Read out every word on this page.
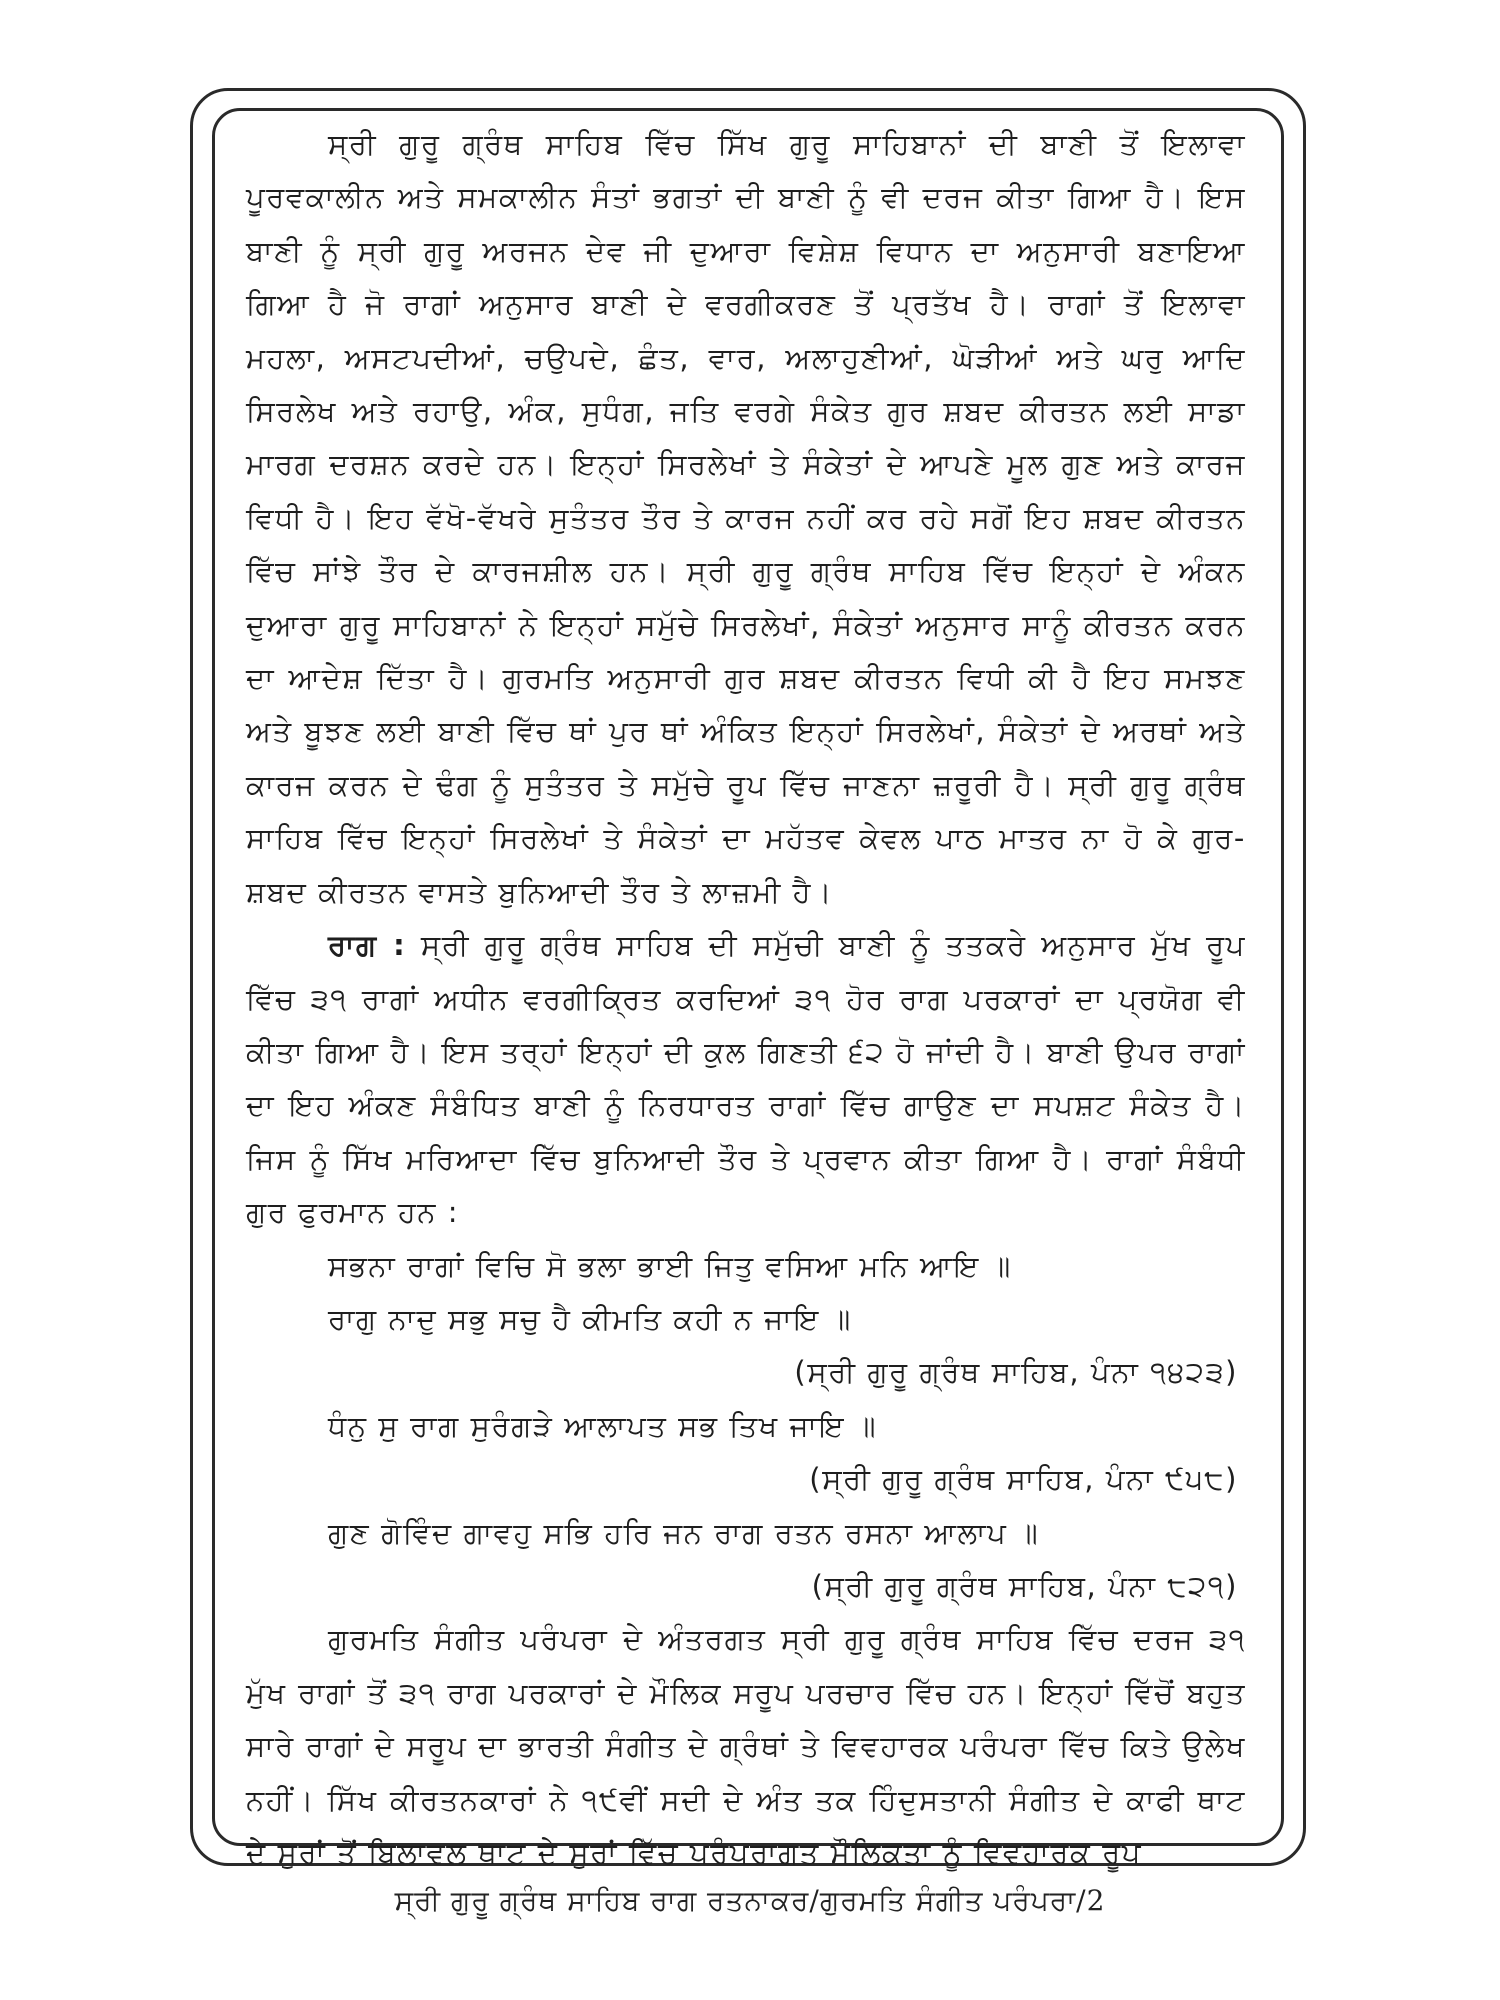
ਸ੍ਰੀ ਗੁਰੂ ਗ੍ਰੰਥ ਸਾਹਿਬ ਵਿੱਚ ਸਿੱਖ ਗੁਰੂ ਸਾਹਿਬਾਨਾਂ ਦੀ ਬਾਣੀ ਤੋਂ ਇਲਾਵਾ ਪੂਰਵਕਾਲੀਨ ਅਤੇ ਸਮਕਾਲੀਨ ਸੰਤਾਂ ਭਗਤਾਂ ਦੀ ਬਾਣੀ ਨੂੰ ਵੀ ਦਰਜ ਕੀਤਾ ਗਿਆ ਹੈ। ਇਸ ਬਾਣੀ ਨੂੰ ਸ੍ਰੀ ਗੁਰੂ ਅਰਜਨ ਦੇਵ ਜੀ ਦੁਆਰਾ ਵਿਸ਼ੇਸ਼ ਵਿਧਾਨ ਦਾ ਅਨੁਸਾਰੀ ਬਣਾਇਆ ਗਿਆ ਹੈ ਜੋ ਰਾਗਾਂ ਅਨੁਸਾਰ ਬਾਣੀ ਦੇ ਵਰਗੀਕਰਣ ਤੋਂ ਪ੍ਰਤੱਖ ਹੈ। ਰਾਗਾਂ ਤੋਂ ਇਲਾਵਾ ਮਹਲਾ, ਅਸਟਪਦੀਆਂ, ਚਉਪਦੇ, ਛੰਤ, ਵਾਰ, ਅਲਾਹੁਣੀਆਂ, ਘੋੜੀਆਂ ਅਤੇ ਘਰੁ ਆਦਿ ਸਿਰਲੇਖ ਅਤੇ ਰਹਾਉ, ਅੰਕ, ਸੁਧੰਗ, ਜਤਿ ਵਰਗੇ ਸੰਕੇਤ ਗੁਰ ਸ਼ਬਦ ਕੀਰਤਨ ਲਈ ਸਾਡਾ ਮਾਰਗ ਦਰਸ਼ਨ ਕਰਦੇ ਹਨ। ਇਨ੍ਹਾਂ ਸਿਰਲੇਖਾਂ ਤੇ ਸੰਕੇਤਾਂ ਦੇ ਆਪਣੇ ਮੂਲ ਗੁਣ ਅਤੇ ਕਾਰਜ ਵਿਧੀ ਹੈ। ਇਹ ਵੱਖੋ-ਵੱਖਰੇ ਸੁਤੰਤਰ ਤੌਰ ਤੇ ਕਾਰਜ ਨਹੀਂ ਕਰ ਰਹੇ ਸਗੋਂ ਇਹ ਸ਼ਬਦ ਕੀਰਤਨ ਵਿੱਚ ਸਾਂਝੇ ਤੌਰ ਦੇ ਕਾਰਜਸ਼ੀਲ ਹਨ। ਸ੍ਰੀ ਗੁਰੂ ਗ੍ਰੰਥ ਸਾਹਿਬ ਵਿੱਚ ਇਨ੍ਹਾਂ ਦੇ ਅੰਕਨ ਦੁਆਰਾ ਗੁਰੂ ਸਾਹਿਬਾਨਾਂ ਨੇ ਇਨ੍ਹਾਂ ਸਮੁੱਚੇ ਸਿਰਲੇਖਾਂ, ਸੰਕੇਤਾਂ ਅਨੁਸਾਰ ਸਾਨੂੰ ਕੀਰਤਨ ਕਰਨ ਦਾ ਆਦੇਸ਼ ਦਿੱਤਾ ਹੈ। ਗੁਰਮਤਿ ਅਨੁਸਾਰੀ ਗੁਰ ਸ਼ਬਦ ਕੀਰਤਨ ਵਿਧੀ ਕੀ ਹੈ ਇਹ ਸਮਝਣ ਅਤੇ ਬੂਝਣ ਲਈ ਬਾਣੀ ਵਿੱਚ ਥਾਂ ਪੁਰ ਥਾਂ ਅੰਕਿਤ ਇਨ੍ਹਾਂ ਸਿਰਲੇਖਾਂ, ਸੰਕੇਤਾਂ ਦੇ ਅਰਥਾਂ ਅਤੇ ਕਾਰਜ ਕਰਨ ਦੇ ਢੰਗ ਨੂੰ ਸੁਤੰਤਰ ਤੇ ਸਮੁੱਚੇ ਰੂਪ ਵਿੱਚ ਜਾਣਨਾ ਜ਼ਰੂਰੀ ਹੈ। ਸ੍ਰੀ ਗੁਰੂ ਗ੍ਰੰਥ ਸਾਹਿਬ ਵਿੱਚ ਇਨ੍ਹਾਂ ਸਿਰਲੇਖਾਂ ਤੇ ਸੰਕੇਤਾਂ ਦਾ ਮਹੱਤਵ ਕੇਵਲ ਪਾਠ ਮਾਤਰ ਨਾ ਹੋ ਕੇ ਗੁਰ-ਸ਼ਬਦ ਕੀਰਤਨ ਵਾਸਤੇ ਬੁਨਿਆਦੀ ਤੌਰ ਤੇ ਲਾਜ਼ਮੀ ਹੈ।

ਰਾਗ : ਸ੍ਰੀ ਗੁਰੂ ਗ੍ਰੰਥ ਸਾਹਿਬ ਦੀ ਸਮੁੱਚੀ ਬਾਣੀ ਨੂੰ ਤਤਕਰੇ ਅਨੁਸਾਰ ਮੁੱਖ ਰੂਪ ਵਿੱਚ ੩੧ ਰਾਗਾਂ ਅਧੀਨ ਵਰਗੀਕ੍ਰਿਤ ਕਰਦਿਆਂ ੩੧ ਹੋਰ ਰਾਗ ਪਰਕਾਰਾਂ ਦਾ ਪ੍ਰਯੋਗ ਵੀ ਕੀਤਾ ਗਿਆ ਹੈ। ਇਸ ਤਰ੍ਹਾਂ ਇਨ੍ਹਾਂ ਦੀ ਕੁਲ ਗਿਣਤੀ ੬੨ ਹੋ ਜਾਂਦੀ ਹੈ। ਬਾਣੀ ਉਪਰ ਰਾਗਾਂ ਦਾ ਇਹ ਅੰਕਣ ਸੰਬੰਧਿਤ ਬਾਣੀ ਨੂੰ ਨਿਰਧਾਰਤ ਰਾਗਾਂ ਵਿੱਚ ਗਾਉਣ ਦਾ ਸਪਸ਼ਟ ਸੰਕੇਤ ਹੈ। ਜਿਸ ਨੂੰ ਸਿੱਖ ਮਰਿਆਦਾ ਵਿੱਚ ਬੁਨਿਆਦੀ ਤੌਰ ਤੇ ਪ੍ਰਵਾਨ ਕੀਤਾ ਗਿਆ ਹੈ। ਰਾਗਾਂ ਸੰਬੰਧੀ ਗੁਰ ਫੁਰਮਾਨ ਹਨ :

ਸਭਨਾ ਰਾਗਾਂ ਵਿਚਿ ਸੋ ਭਲਾ ਭਾਈ ਜਿਤੁ ਵਸਿਆ ਮਨਿ ਆਇ ॥

ਰਾਗੁ ਨਾਦੁ ਸਭੁ ਸਚੁ ਹੈ ਕੀਮਤਿ ਕਹੀ ਨ ਜਾਇ ॥

(ਸ੍ਰੀ ਗੁਰੂ ਗ੍ਰੰਥ ਸਾਹਿਬ, ਪੰਨਾ ੧੪੨੩)

ਧੰਨੁ ਸੁ ਰਾਗ ਸੁਰੰਗੜੇ ਆਲਾਪਤ ਸਭ ਤਿਖ ਜਾਇ ॥

(ਸ੍ਰੀ ਗੁਰੂ ਗ੍ਰੰਥ ਸਾਹਿਬ, ਪੰਨਾ ੯੫੮)

ਗੁਣ ਗੋਵਿੰਦ ਗਾਵਹੁ ਸਭਿ ਹਰਿ ਜਨ ਰਾਗ ਰਤਨ ਰਸਨਾ ਆਲਾਪ ॥

(ਸ੍ਰੀ ਗੁਰੂ ਗ੍ਰੰਥ ਸਾਹਿਬ, ਪੰਨਾ ੮੨੧)

ਗੁਰਮਤਿ ਸੰਗੀਤ ਪਰੰਪਰਾ ਦੇ ਅੰਤਰਗਤ ਸ੍ਰੀ ਗੁਰੂ ਗ੍ਰੰਥ ਸਾਹਿਬ ਵਿੱਚ ਦਰਜ ੩੧ ਮੁੱਖ ਰਾਗਾਂ ਤੋਂ ੩੧ ਰਾਗ ਪਰਕਾਰਾਂ ਦੇ ਮੌਲਿਕ ਸਰੂਪ ਪਰਚਾਰ ਵਿੱਚ ਹਨ। ਇਨ੍ਹਾਂ ਵਿੱਚੋਂ ਬਹੁਤ ਸਾਰੇ ਰਾਗਾਂ ਦੇ ਸਰੂਪ ਦਾ ਭਾਰਤੀ ਸੰਗੀਤ ਦੇ ਗ੍ਰੰਥਾਂ ਤੇ ਵਿਵਹਾਰਕ ਪਰੰਪਰਾ ਵਿੱਚ ਕਿਤੇ ਉਲੇਖ ਨਹੀਂ। ਸਿੱਖ ਕੀਰਤਨਕਾਰਾਂ ਨੇ ੧੯ਵੀਂ ਸਦੀ ਦੇ ਅੰਤ ਤਕ ਹਿੰਦੁਸਤਾਨੀ ਸੰਗੀਤ ਦੇ ਕਾਫੀ ਥਾਟ ਦੇ ਸੁਰਾਂ ਤੋਂ ਬਿਲਾਵਲ ਥਾਟ ਦੇ ਸੁਰਾਂ ਵਿੱਚ ਪਰੰਪਰਾਗਤ ਮੌਲਿਕਤਾ ਨੂੰ ਵਿਵਹਾਰਕ ਰੂਪ

ਸ੍ਰੀ ਗੁਰੂ ਗ੍ਰੰਥ ਸਾਹਿਬ ਰਾਗ ਰਤਨਾਕਰ/ਗੁਰਮਤਿ ਸੰਗੀਤ ਪਰੰਪਰਾ/2
